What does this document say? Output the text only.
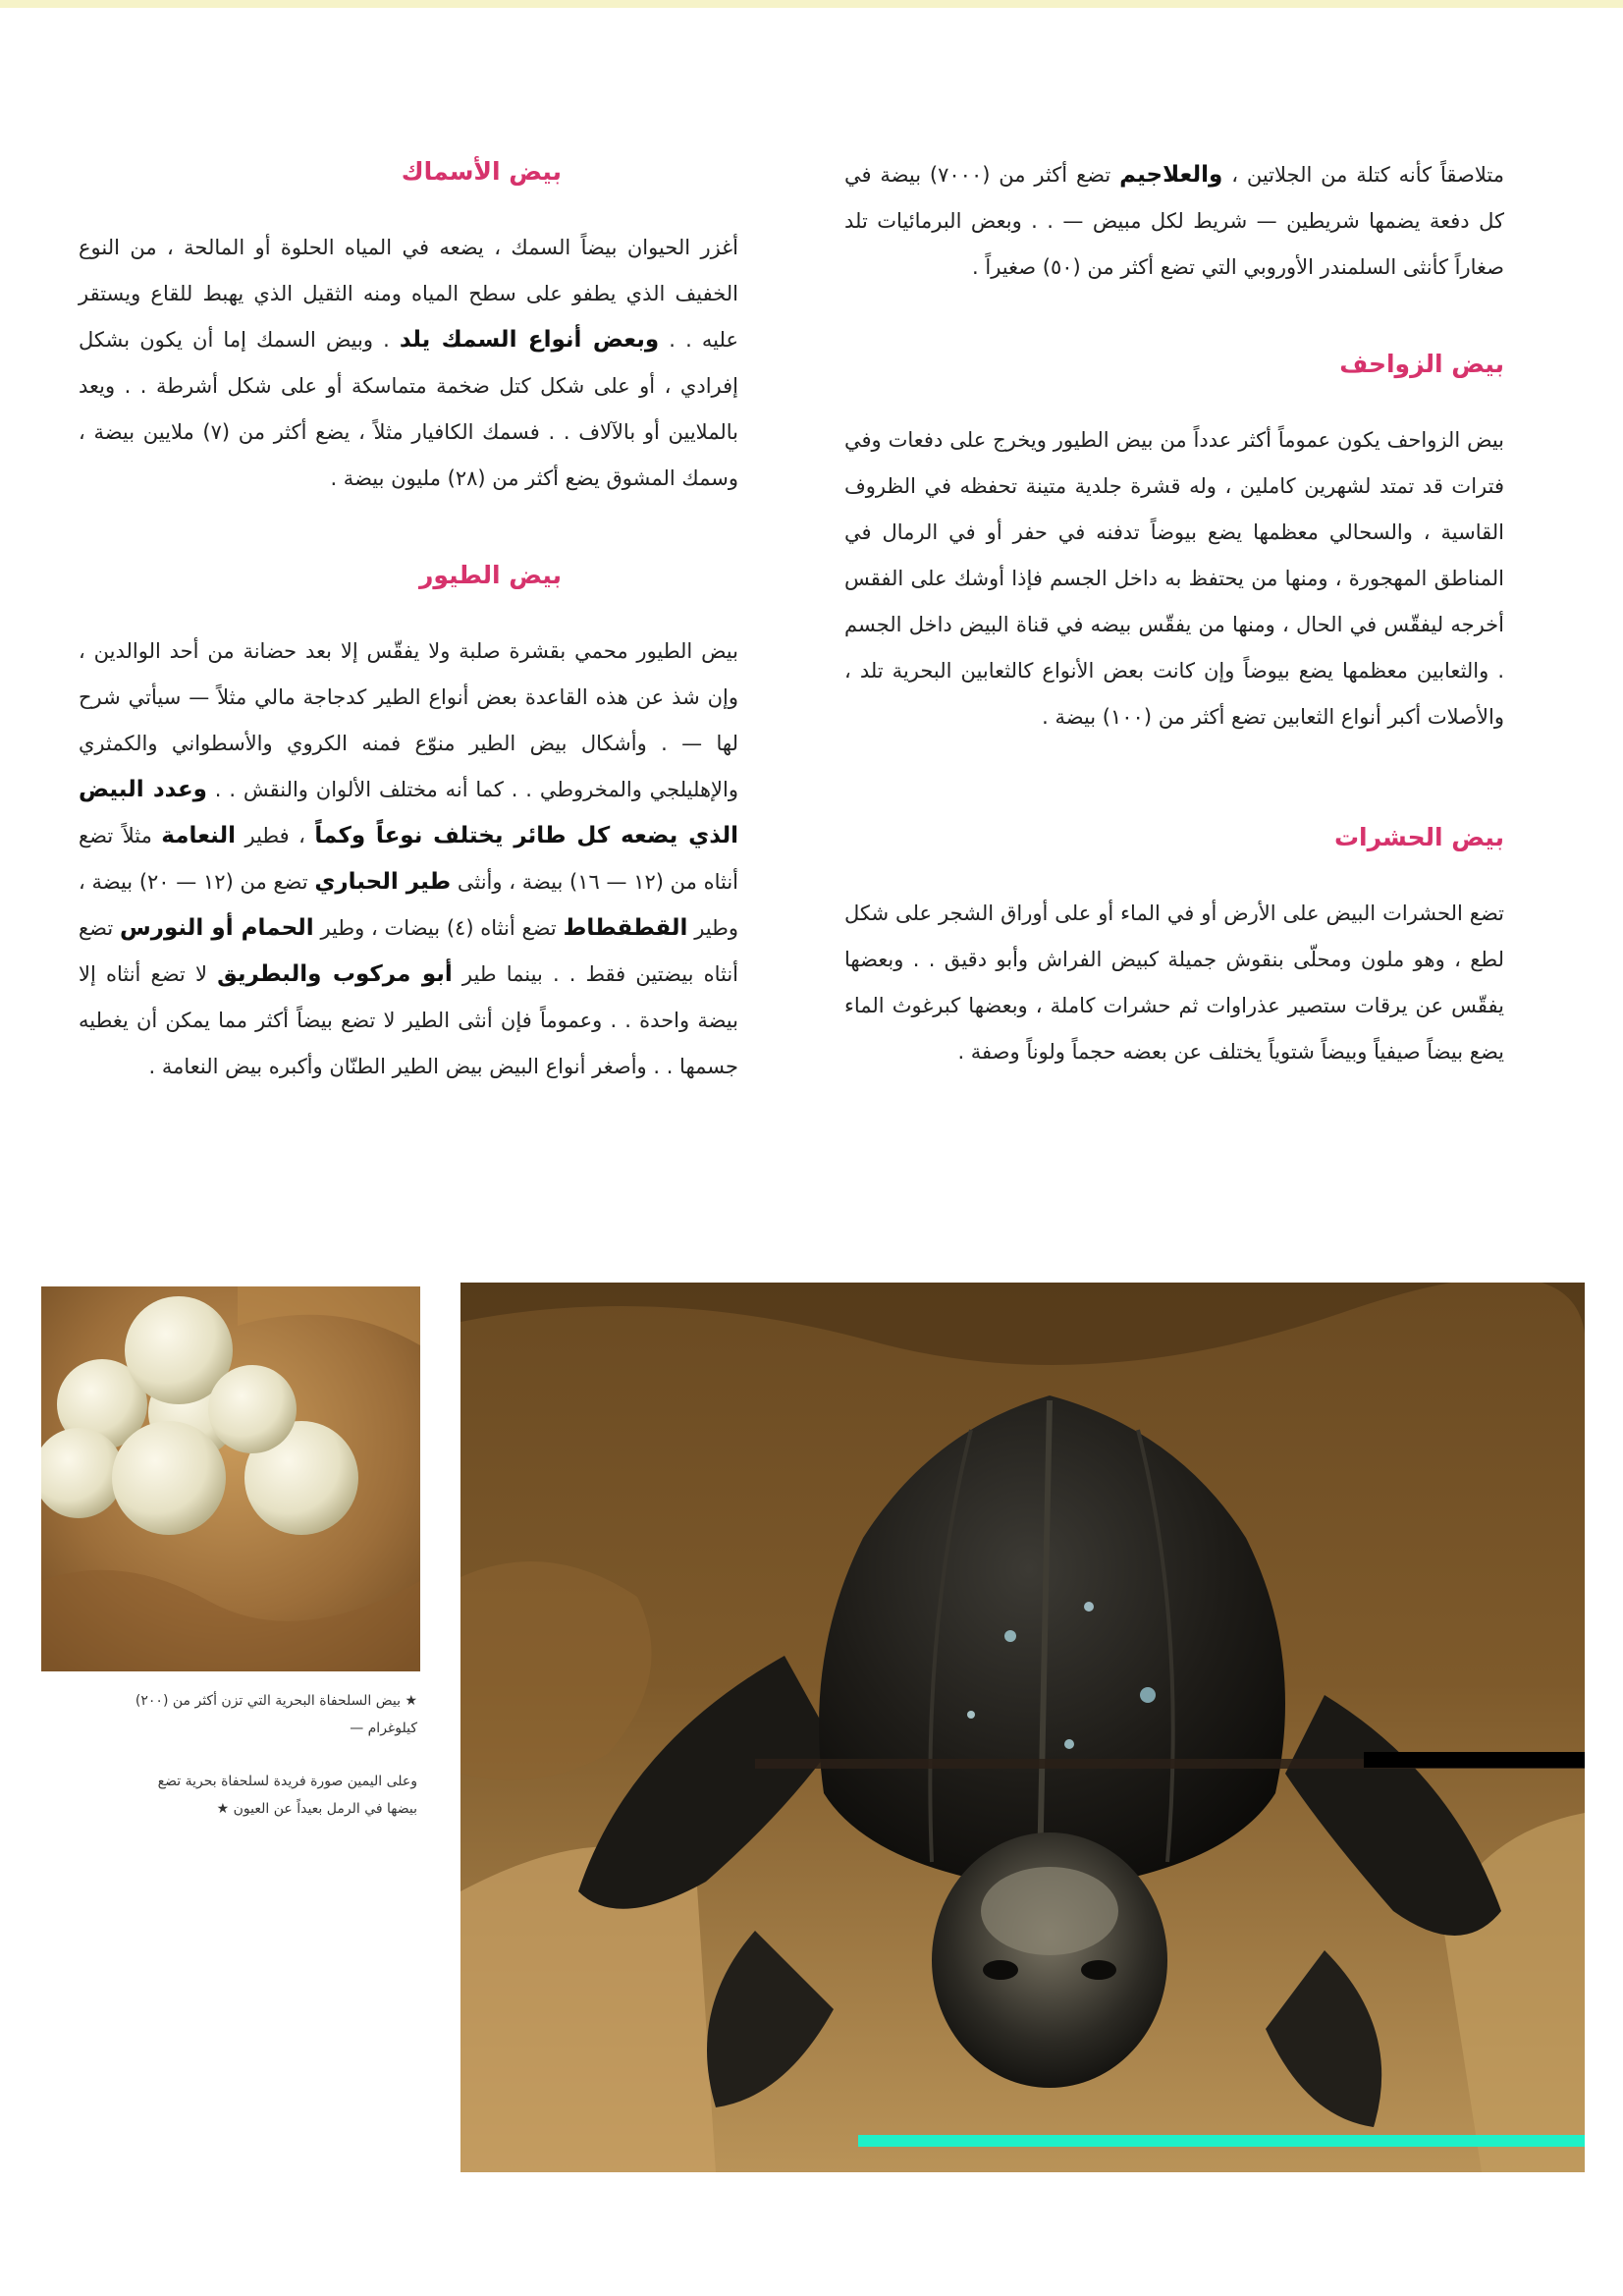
متلاصقاً كأنه كتلة من الجلاتين ، والعلاجيم تضع أكثر من (٧٠٠٠) بيضة في كل دفعة يضمها شريطين — شريط لكل مبيض — . . وبعض البرمائيات تلد صغاراً كأنثى السلمندر الأوروبي التي تضع أكثر من (٥٠) صغيراً .

بيض الزواحف

بيض الزواحف يكون عموماً أكثر عدداً من بيض الطيور ويخرج على دفعات وفي فترات قد تمتد لشهرين كاملين ، وله قشرة جلدية متينة تحفظه في الظروف القاسية ، والسحالي معظمها يضع بيوضاً تدفنه في حفر أو في الرمال في المناطق المهجورة ، ومنها من يحتفظ به داخل الجسم فإذا أوشك على الفقس أخرجه ليفقّس في الحال ، ومنها من يفقّس بيضه في قناة البيض داخل الجسم . والثعابين معظمها يضع بيوضاً وإن كانت بعض الأنواع كالثعابين البحرية تلد ، والأصلات أكبر أنواع الثعابين تضع أكثر من (١٠٠) بيضة .

بيض الحشرات

تضع الحشرات البيض على الأرض أو في الماء أو على أوراق الشجر على شكل لطع ، وهو ملون ومحلّى بنقوش جميلة كبيض الفراش وأبو دقيق . . وبعضها يفقّس عن يرقات ستصير عذراوات ثم حشرات كاملة ، وبعضها كبرغوث الماء يضع بيضاً صيفياً وبيضاً شتوياً يختلف عن بعضه حجماً ولوناً وصفة .

بيض الأسماك

أغزر الحيوان بيضاً السمك ، يضعه في المياه الحلوة أو المالحة ، من النوع الخفيف الذي يطفو على سطح المياه ومنه الثقيل الذي يهبط للقاع ويستقر عليه . . وبعض أنواع السمك يلد . وبيض السمك إما أن يكون بشكل إفرادي ، أو على شكل كتل ضخمة متماسكة أو على شكل أشرطة . . ويعد بالملايين أو بالآلاف . . فسمك الكافيار مثلاً ، يضع أكثر من (٧) ملايين بيضة ، وسمك المشوق يضع أكثر من (٢٨) مليون بيضة .

بيض الطيور

بيض الطيور محمي بقشرة صلبة ولا يفقّس إلا بعد حضانة من أحد الوالدين ، وإن شذ عن هذه القاعدة بعض أنواع الطير كدجاجة مالي مثلاً — سيأتي شرح لها — . وأشكال بيض الطير منوّع فمنه الكروي والأسطواني والكمثري والإهليلجي والمخروطي . . كما أنه مختلف الألوان والنقش . . وعدد البيض الذي يضعه كل طائر يختلف نوعاً وكماً ، فطير النعامة مثلاً تضع أنثاه من (١٢ — ١٦) بيضة ، وأنثى طير الحباري تضع من (١٢ — ٢٠) بيضة ، وطير القطقطاط تضع أنثاه (٤) بيضات ، وطير الحمام أو النورس تضع أنثاه بيضتين فقط . . بينما طير أبو مركوب والبطريق لا تضع أنثاه إلا بيضة واحدة . . وعموماً فإن أنثى الطير لا تضع بيضاً أكثر مما يمكن أن يغطيه جسمها . . وأصغر أنواع البيض بيض الطير الطنّان وأكبره بيض النعامة .

★ بيض السلحفاة البحرية التي تزن أكثر من (٢٠٠) كيلوغرام —
وعلى اليمين صورة فريدة لسلحفاة بحرية تضع بيضها في الرمل بعيداً عن العيون ★
